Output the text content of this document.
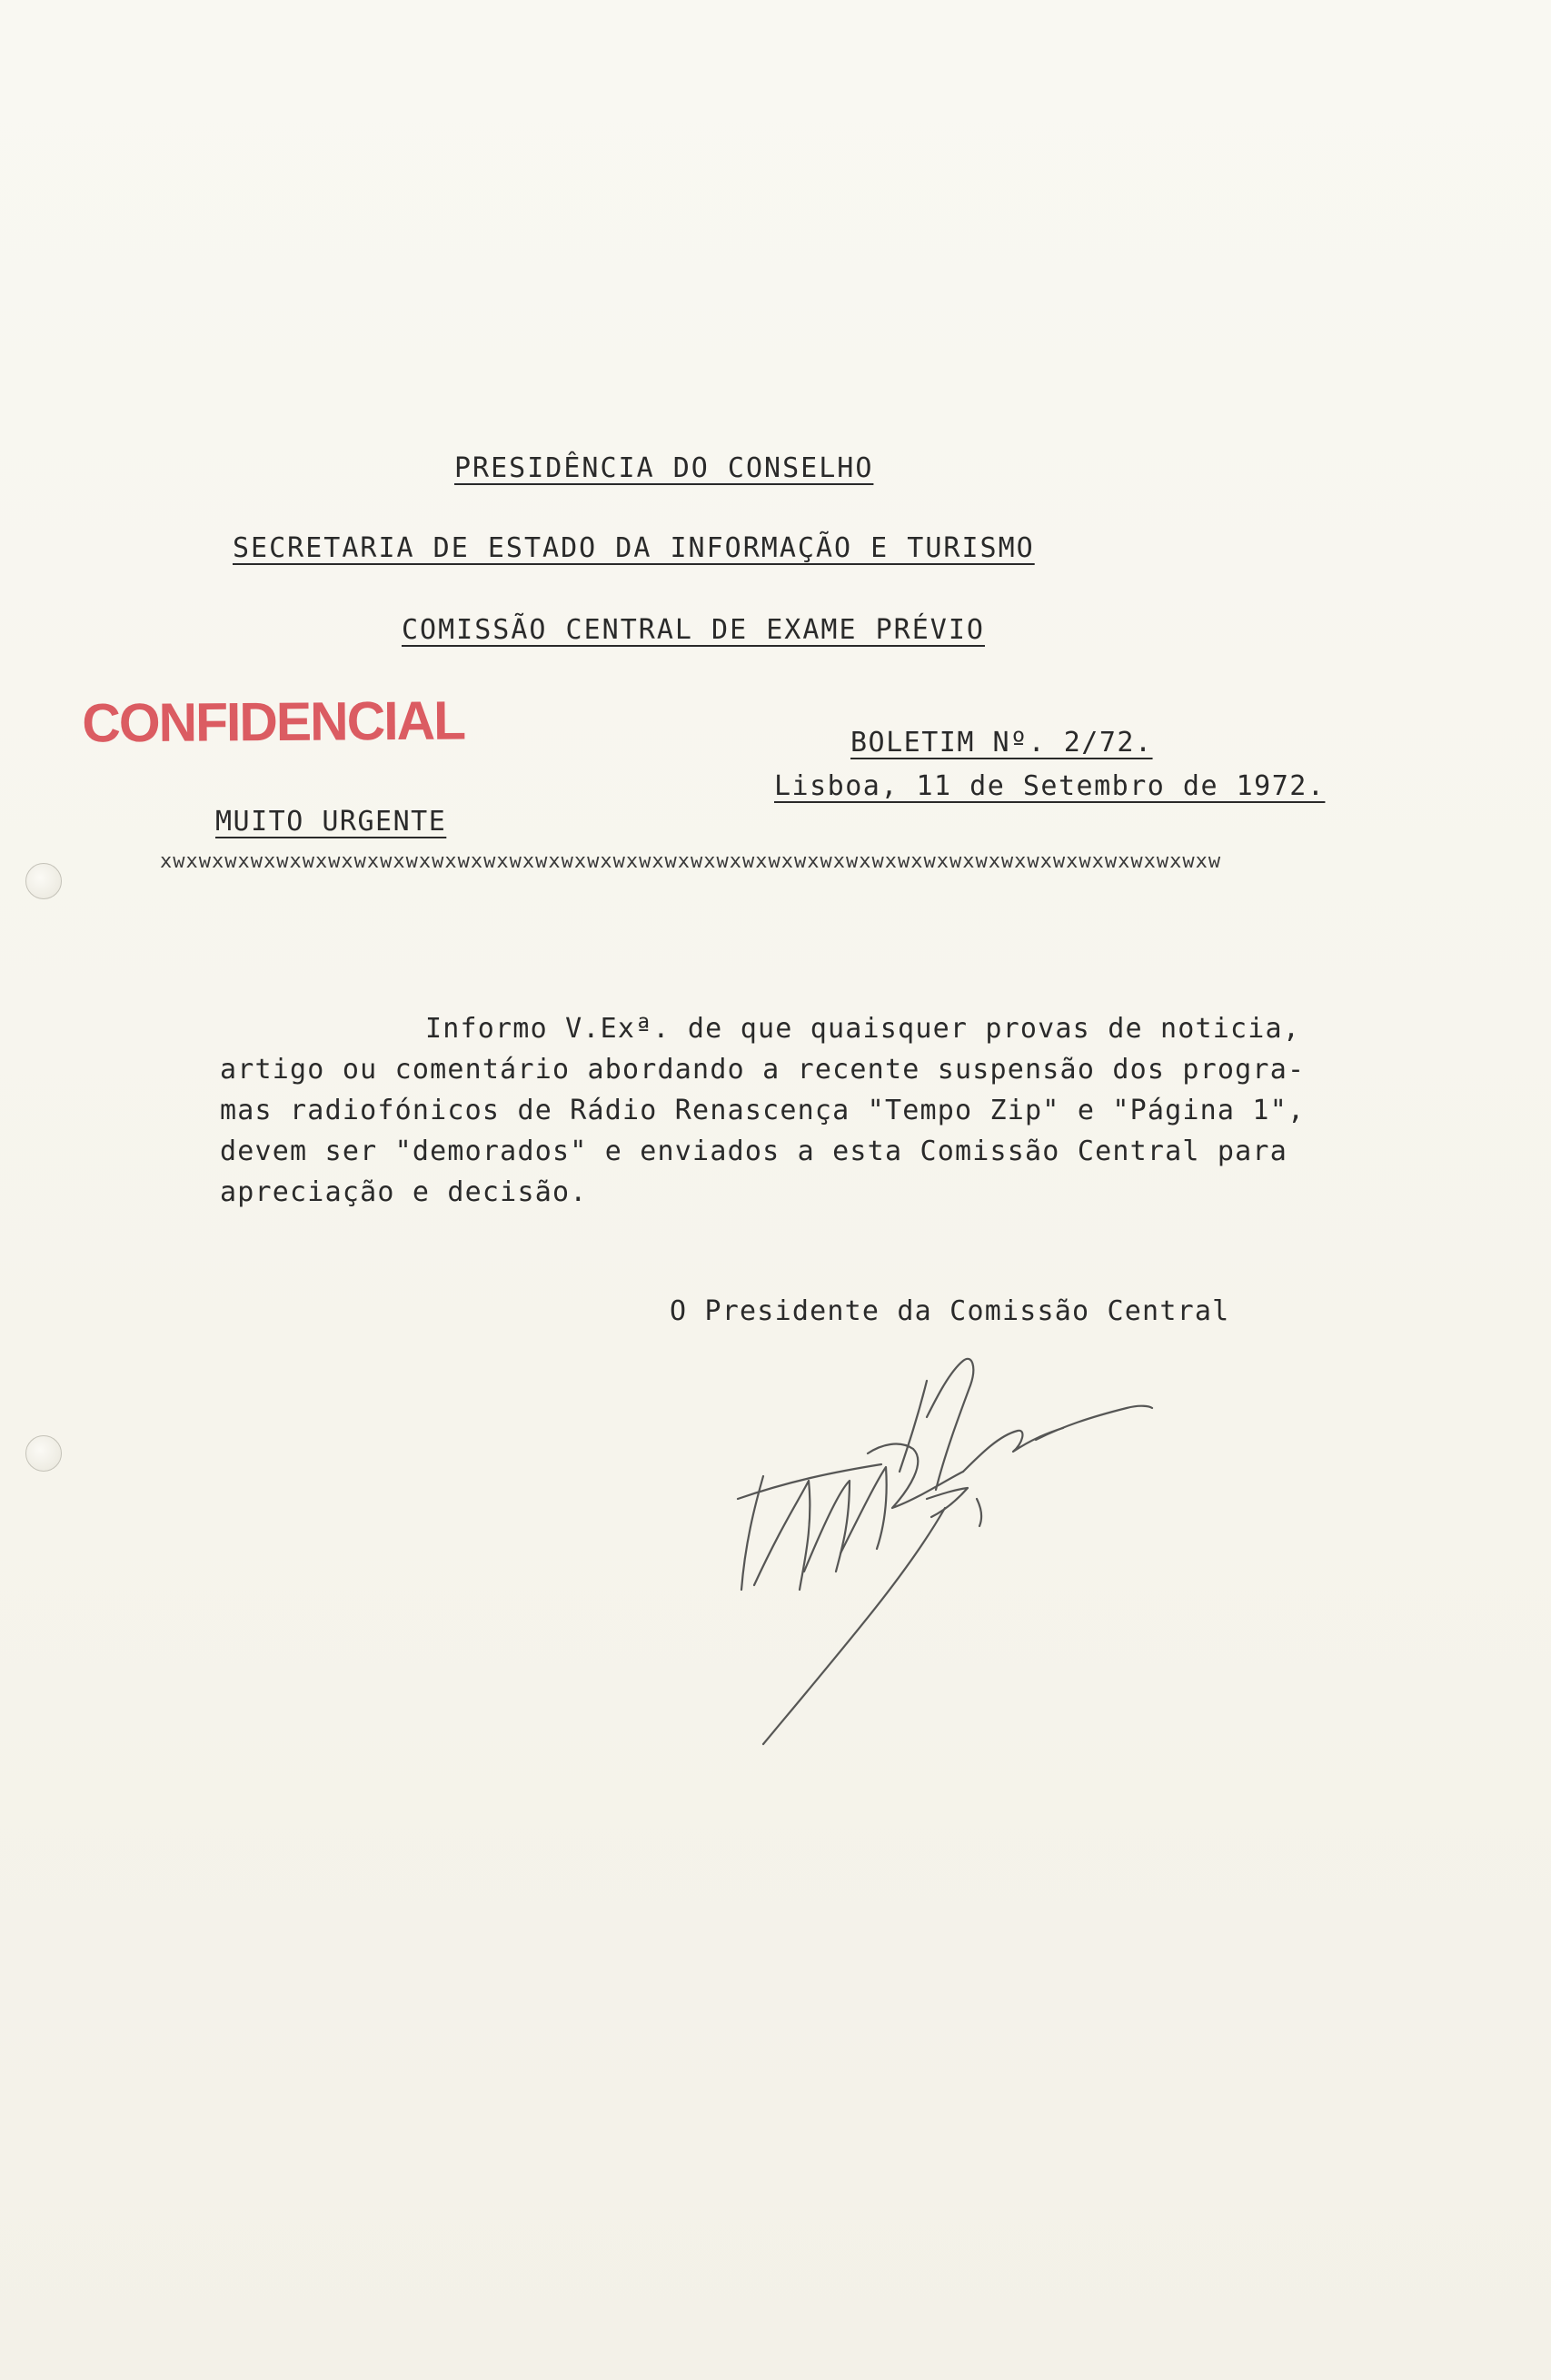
PRESIDÊNCIA DO CONSELHO
SECRETARIA DE ESTADO DA INFORMAÇÃO E TURISMO
COMISSÃO CENTRAL DE EXAME PRÉVIO
CONFIDENCIAL	BOLETIM Nº. 2/72.
Lisboa, 11 de Setembro de 1972.
MUITO URGENTE
xwxwxwxwxwxwxwxwxwxwxwxwxwxwxwxwxwxwxwxwxwxwxwxwxwxwxwxwxwxwxwxwxwxwxwxwxwxwxwxwxw
Informo V.Exª. de que quaisquer provas de noticia,
artigo ou comentário abordando a recente suspensão dos progra-
mas radiofónicos de Rádio Renascença "Tempo Zip" e "Página 1",
devem ser "demorados" e enviados a esta Comissão Central para
apreciação e decisão.
O Presidente da Comissão Central
